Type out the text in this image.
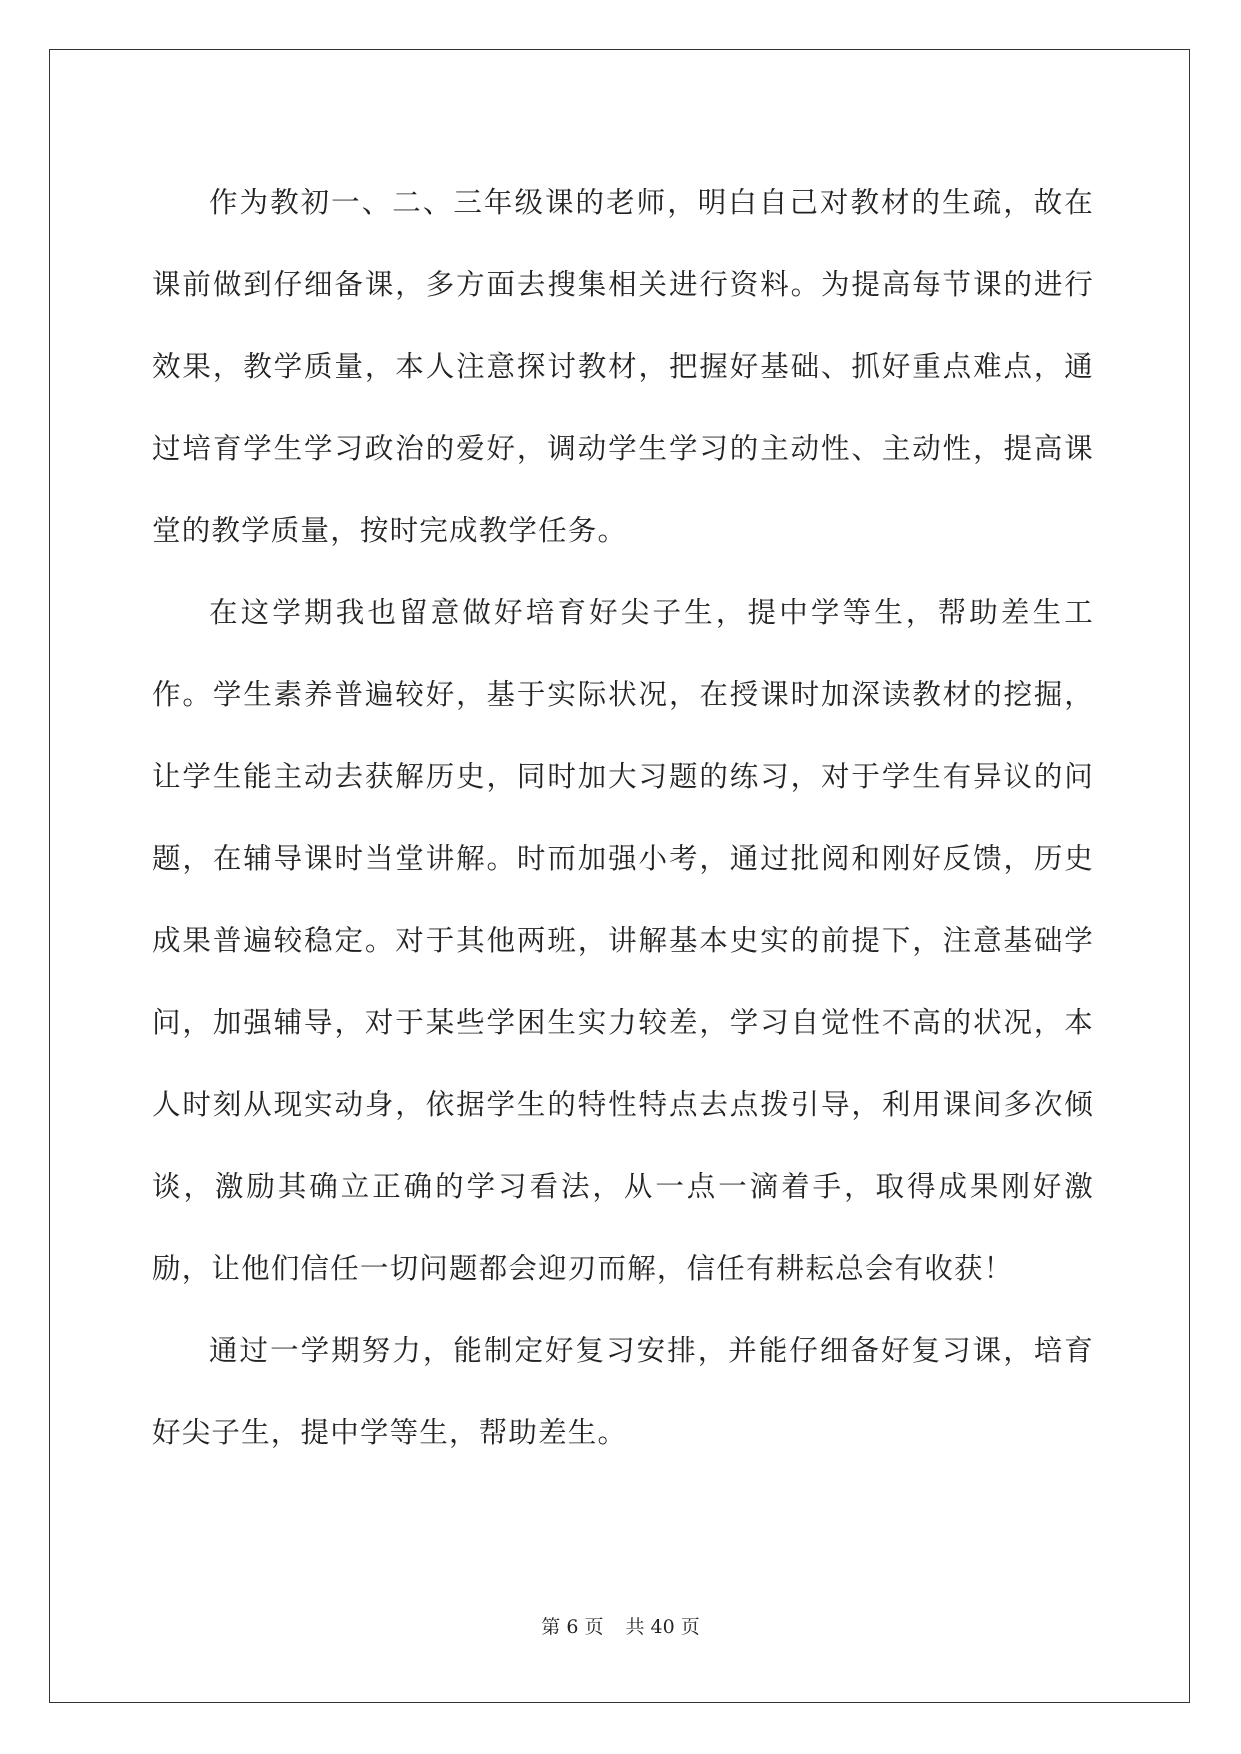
作为教初一、二、三年级课的老师，明白自己对教材的生疏，故在课前做到仔细备课，多方面去搜集相关进行资料。为提高每节课的进行效果，教学质量，本人注意探讨教材，把握好基础、抓好重点难点，通过培育学生学习政治的爱好，调动学生学习的主动性、主动性，提高课堂的教学质量，按时完成教学任务。

在这学期我也留意做好培育好尖子生，提中学等生，帮助差生工作。学生素养普遍较好，基于实际状况，在授课时加深读教材的挖掘，让学生能主动去获解历史，同时加大习题的练习，对于学生有异议的问题，在辅导课时当堂讲解。时而加强小考，通过批阅和刚好反馈，历史成果普遍较稳定。对于其他两班，讲解基本史实的前提下，注意基础学问，加强辅导，对于某些学困生实力较差，学习自觉性不高的状况，本人时刻从现实动身，依据学生的特性特点去点拨引导，利用课间多次倾谈，激励其确立正确的学习看法，从一点一滴着手，取得成果刚好激励，让他们信任一切问题都会迎刃而解，信任有耕耘总会有收获！

通过一学期努力，能制定好复习安排，并能仔细备好复习课，培育好尖子生，提中学等生，帮助差生。

第 6 页 共 40 页
